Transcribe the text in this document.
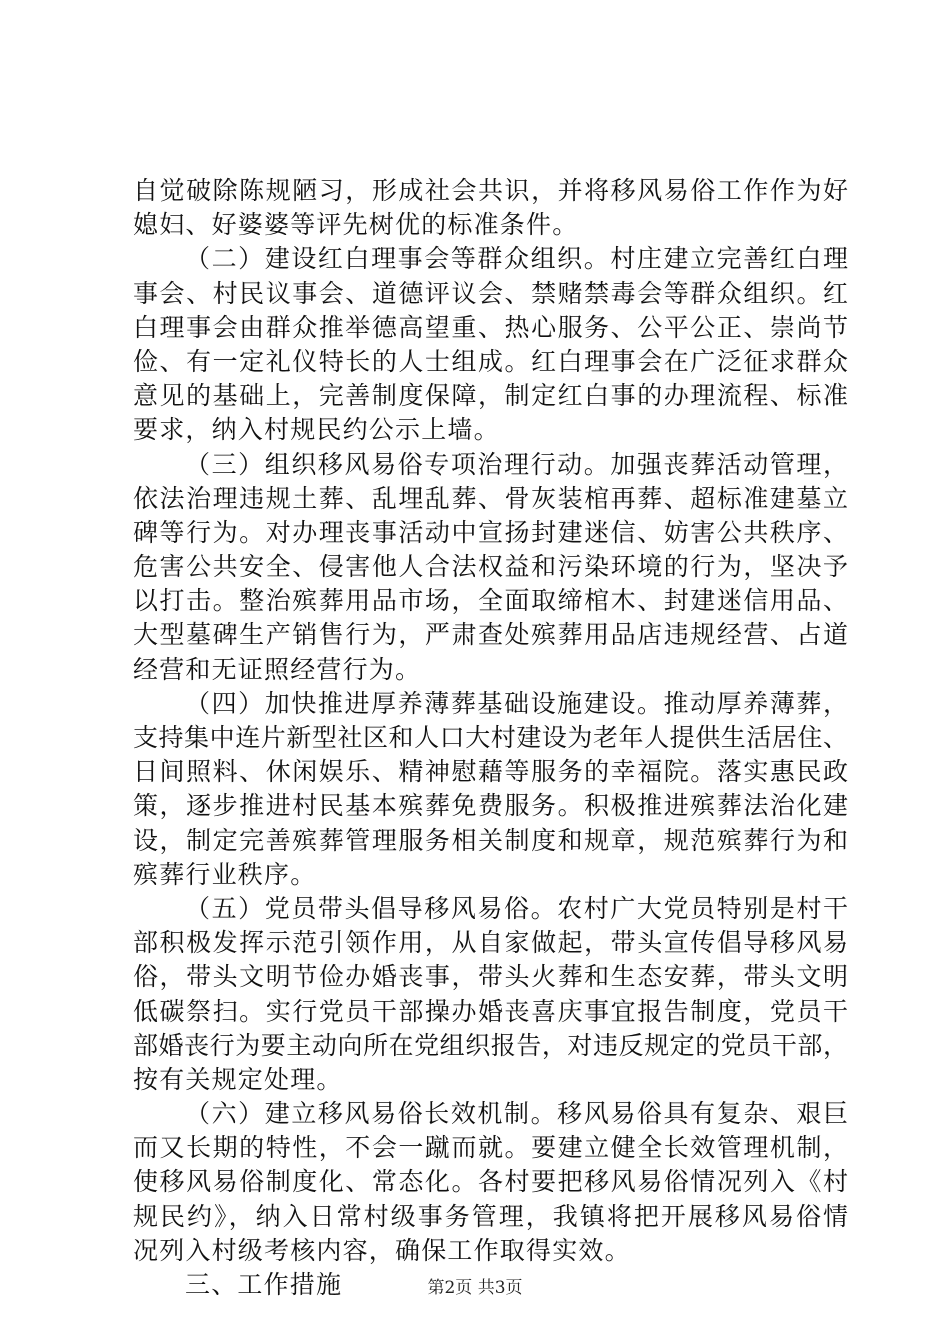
自觉破除陈规陋习，形成社会共识，并将移风易俗工作作为好
媳妇、好婆婆等评先树优的标准条件。
（二）建设红白理事会等群众组织。村庄建立完善红白理
事会、村民议事会、道德评议会、禁赌禁毒会等群众组织。红
白理事会由群众推举德高望重、热心服务、公平公正、崇尚节
俭、有一定礼仪特长的人士组成。红白理事会在广泛征求群众
意见的基础上，完善制度保障，制定红白事的办理流程、标准
要求，纳入村规民约公示上墙。
（三）组织移风易俗专项治理行动。加强丧葬活动管理，
依法治理违规土葬、乱埋乱葬、骨灰装棺再葬、超标准建墓立
碑等行为。对办理丧事活动中宣扬封建迷信、妨害公共秩序、
危害公共安全、侵害他人合法权益和污染环境的行为，坚决予
以打击。整治殡葬用品市场，全面取缔棺木、封建迷信用品、
大型墓碑生产销售行为，严肃查处殡葬用品店违规经营、占道
经营和无证照经营行为。
（四）加快推进厚养薄葬基础设施建设。推动厚养薄葬，
支持集中连片新型社区和人口大村建设为老年人提供生活居住、
日间照料、休闲娱乐、精神慰藉等服务的幸福院。落实惠民政
策，逐步推进村民基本殡葬免费服务。积极推进殡葬法治化建
设，制定完善殡葬管理服务相关制度和规章，规范殡葬行为和
殡葬行业秩序。
（五）党员带头倡导移风易俗。农村广大党员特别是村干
部积极发挥示范引领作用，从自家做起，带头宣传倡导移风易
俗，带头文明节俭办婚丧事，带头火葬和生态安葬，带头文明
低碳祭扫。实行党员干部操办婚丧喜庆事宜报告制度，党员干
部婚丧行为要主动向所在党组织报告，对违反规定的党员干部，
按有关规定处理。
（六）建立移风易俗长效机制。移风易俗具有复杂、艰巨
而又长期的特性，不会一蹴而就。要建立健全长效管理机制，
使移风易俗制度化、常态化。各村要把移风易俗情况列入《村
规民约》，纳入日常村级事务管理，我镇将把开展移风易俗情
况列入村级考核内容，确保工作取得实效。
三、工作措施	第2页 共3页
